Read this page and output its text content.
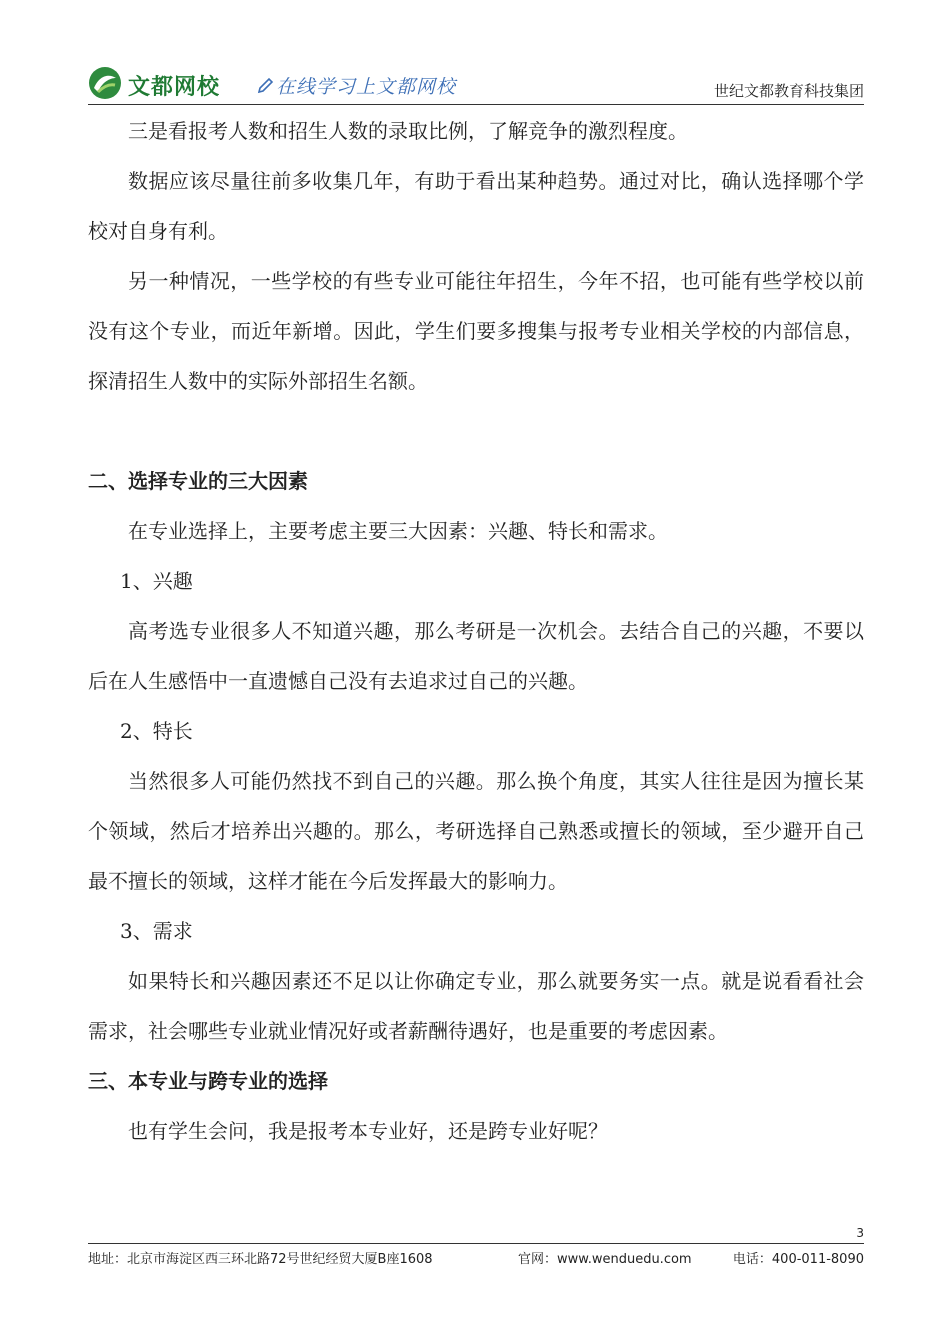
文都网校	在线学习上文都网校	世纪文都教育科技集团

三是看报考人数和招生人数的录取比例，了解竞争的激烈程度。

数据应该尽量往前多收集几年，有助于看出某种趋势。通过对比，确认选择哪个学校对自身有利。

另一种情况，一些学校的有些专业可能往年招生，今年不招，也可能有些学校以前没有这个专业，而近年新增。因此，学生们要多搜集与报考专业相关学校的内部信息，探清招生人数中的实际外部招生名额。

二、选择专业的三大因素

在专业选择上，主要考虑主要三大因素：兴趣、特长和需求。

1、兴趣

高考选专业很多人不知道兴趣，那么考研是一次机会。去结合自己的兴趣，不要以后在人生感悟中一直遗憾自己没有去追求过自己的兴趣。

2、特长

当然很多人可能仍然找不到自己的兴趣。那么换个角度，其实人往往是因为擅长某个领域，然后才培养出兴趣的。那么，考研选择自己熟悉或擅长的领域，至少避开自己最不擅长的领域，这样才能在今后发挥最大的影响力。

3、需求

如果特长和兴趣因素还不足以让你确定专业，那么就要务实一点。就是说看看社会需求，社会哪些专业就业情况好或者薪酬待遇好，也是重要的考虑因素。

三、本专业与跨专业的选择

也有学生会问，我是报考本专业好，还是跨专业好呢？

3
地址：北京市海淀区西三环北路72号世纪经贸大厦B座1608	官网：www.wenduedu.com	电话：400-011-8090
